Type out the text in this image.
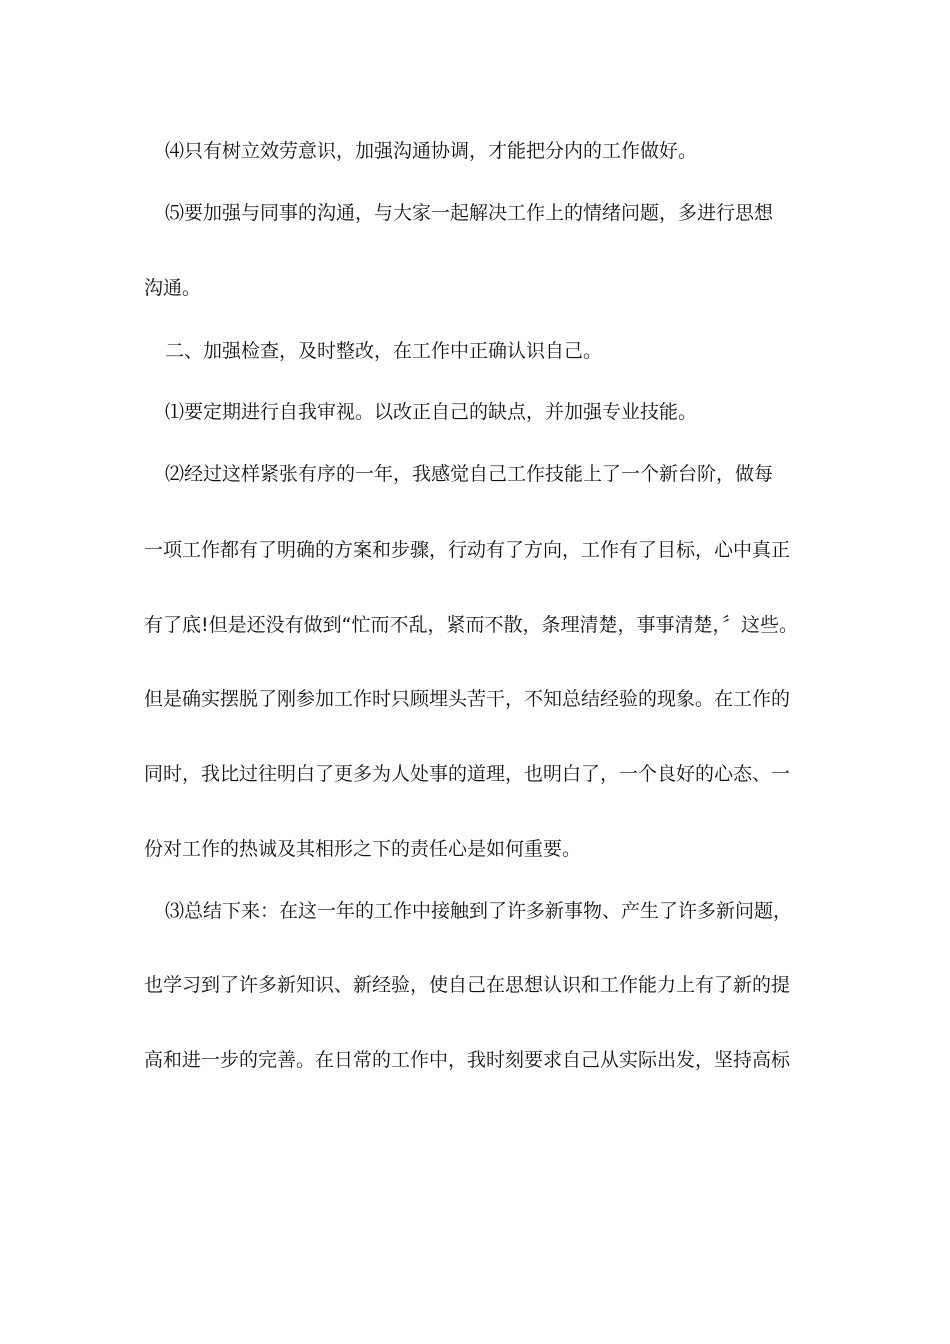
⑷只有树立效劳意识，加强沟通协调，才能把分内的工作做好。
⑸要加强与同事的沟通，与大家一起解决工作上的情绪问题，多进行思想
沟通。
二、加强检查，及时整改，在工作中正确认识自己。
⑴要定期进行自我审视。以改正自己的缺点，并加强专业技能。
⑵经过这样紧张有序的一年，我感觉自己工作技能上了一个新台阶，做每
一项工作都有了明确的方案和步骤，行动有了方向，工作有了目标，心中真正
有了底!但是还没有做到“忙而不乱，紧而不散，条理清楚，事事清楚，〞这些。
但是确实摆脱了刚参加工作时只顾埋头苦干，不知总结经验的现象。在工作的
同时，我比过往明白了更多为人处事的道理，也明白了，一个良好的心态、一
份对工作的热诚及其相形之下的责任心是如何重要。
⑶总结下来：在这一年的工作中接触到了许多新事物、产生了许多新问题，
也学习到了许多新知识、新经验，使自己在思想认识和工作能力上有了新的提
高和进一步的完善。在日常的工作中，我时刻要求自己从实际出发，坚持高标
